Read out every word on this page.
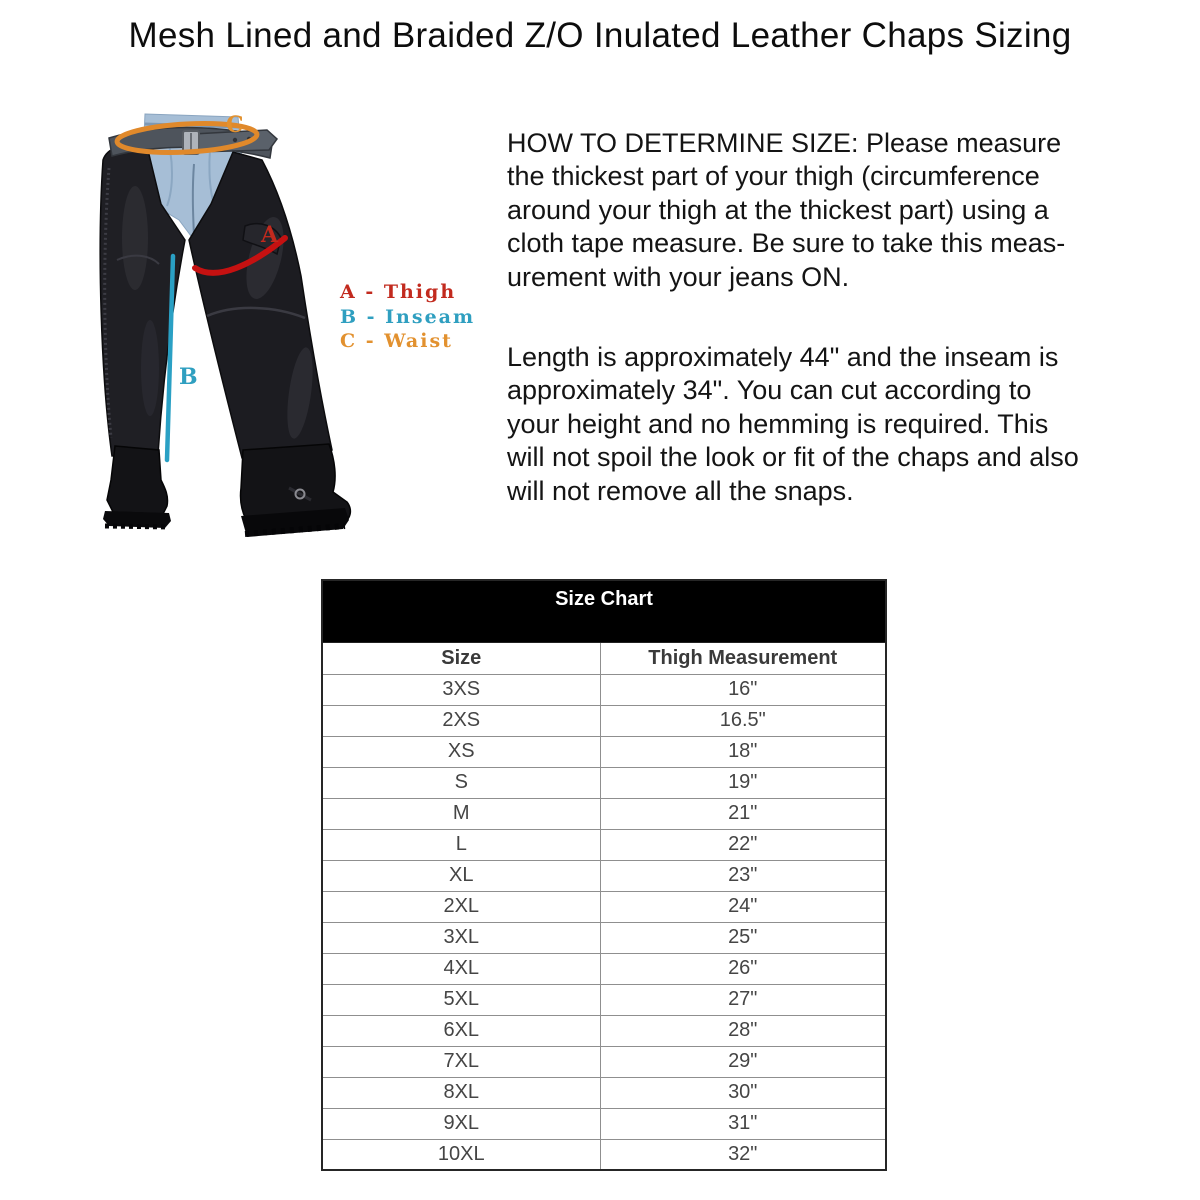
Mesh Lined and Braided Z/O Inulated Leather Chaps Sizing
A
B
C
A - Thigh
B - Inseam
C - Waist
HOW TO DETERMINE SIZE: Please measure
the thickest part of your thigh (circumference
around your thigh at the thickest part) using a
cloth tape measure. Be sure to take this meas-
urement with your jeans ON.
Length is approximately 44" and the inseam is
approximately 34". You can cut according to
your height and no hemming is required. This
will not spoil the look or fit of the chaps and also
will not remove all the snaps.
Size Chart	
Size	Thigh Measurement
3XS	16"
2XS	16.5"
XS	18"
S	19"
M	21"
L	22"
XL	23"
2XL	24"
3XL	25"
4XL	26"
5XL	27"
6XL	28"
7XL	29"
8XL	30"
9XL	31"
10XL	32"
